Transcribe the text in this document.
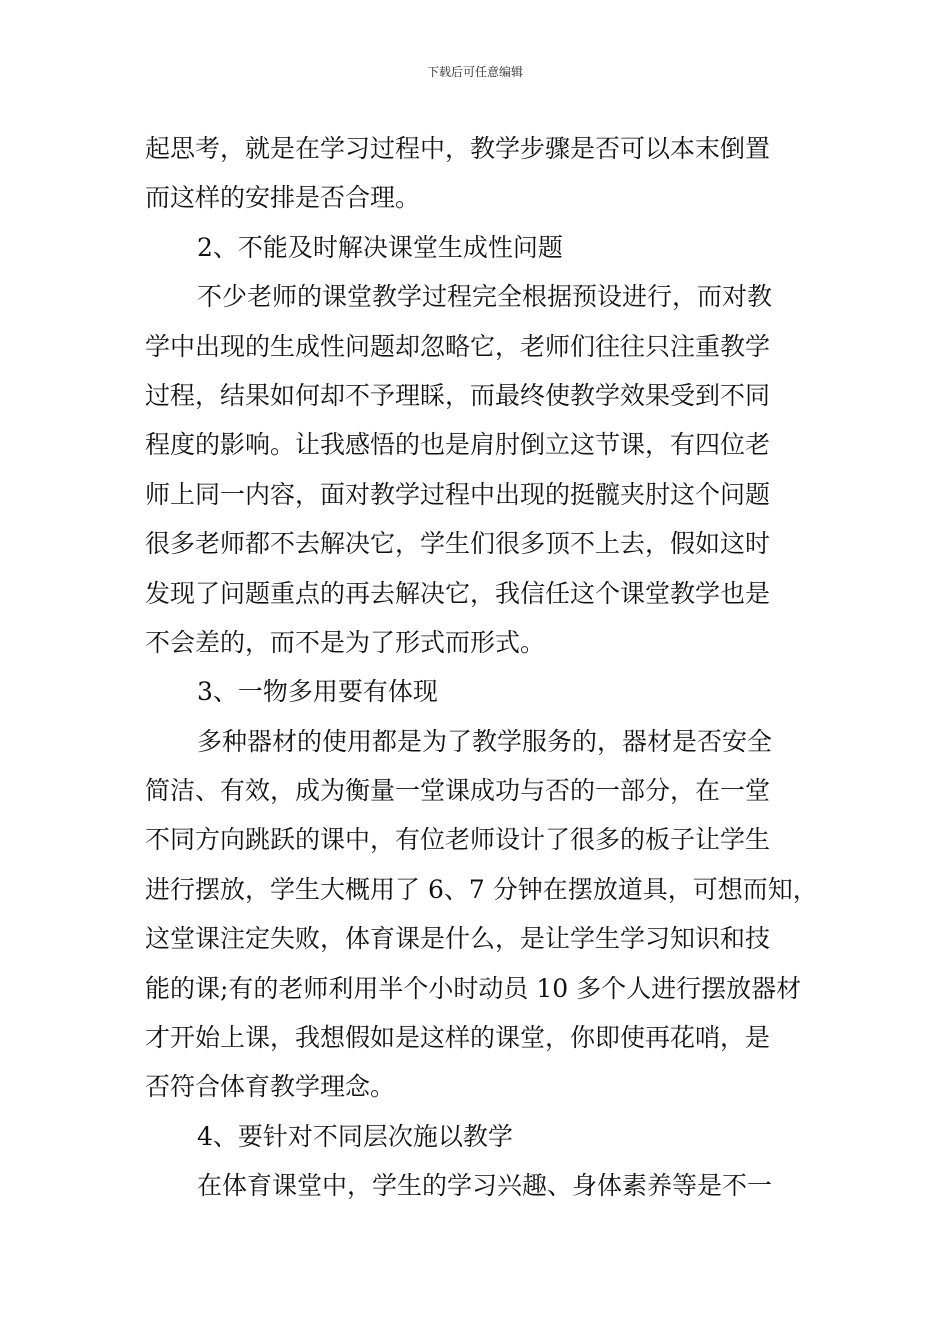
下载后可任意编辑
起思考，就是在学习过程中，教学步骤是否可以本末倒置
而这样的安排是否合理。
2、不能及时解决课堂生成性问题
不少老师的课堂教学过程完全根据预设进行，而对教
学中出现的生成性问题却忽略它，老师们往往只注重教学
过程，结果如何却不予理睬，而最终使教学效果受到不同
程度的影响。让我感悟的也是肩肘倒立这节课，有四位老
师上同一内容，面对教学过程中出现的挺髋夹肘这个问题
很多老师都不去解决它，学生们很多顶不上去，假如这时
发现了问题重点的再去解决它，我信任这个课堂教学也是
不会差的，而不是为了形式而形式。
3、一物多用要有体现
多种器材的使用都是为了教学服务的，器材是否安全
简洁、有效，成为衡量一堂课成功与否的一部分，在一堂
不同方向跳跃的课中，有位老师设计了很多的板子让学生
进行摆放，学生大概用了 6、7 分钟在摆放道具，可想而知，
这堂课注定失败，体育课是什么，是让学生学习知识和技
能的课;有的老师利用半个小时动员 10 多个人进行摆放器材
才开始上课，我想假如是这样的课堂，你即使再花哨，是
否符合体育教学理念。
4、要针对不同层次施以教学
在体育课堂中，学生的学习兴趣、身体素养等是不一
